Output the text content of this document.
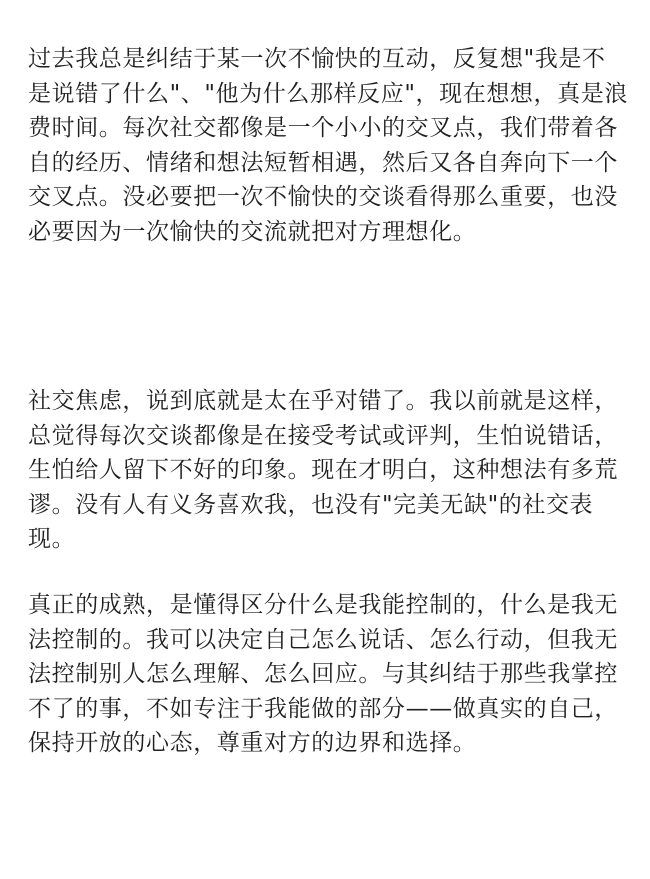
过去我总是纠结于某一次不愉快的互动，反复想"我是不是说错了什么"、"他为什么那样反应"，现在想想，真是浪费时间。每次社交都像是一个小小的交叉点，我们带着各自的经历、情绪和想法短暂相遇，然后又各自奔向下一个交叉点。没必要把一次不愉快的交谈看得那么重要，也没必要因为一次愉快的交流就把对方理想化。

社交焦虑，说到底就是太在乎对错了。我以前就是这样，总觉得每次交谈都像是在接受考试或评判，生怕说错话，生怕给人留下不好的印象。现在才明白，这种想法有多荒谬。没有人有义务喜欢我，也没有"完美无缺"的社交表现。

真正的成熟，是懂得区分什么是我能控制的，什么是我无法控制的。我可以决定自己怎么说话、怎么行动，但我无法控制别人怎么理解、怎么回应。与其纠结于那些我掌控不了的事，不如专注于我能做的部分——做真实的自己，保持开放的心态，尊重对方的边界和选择。
